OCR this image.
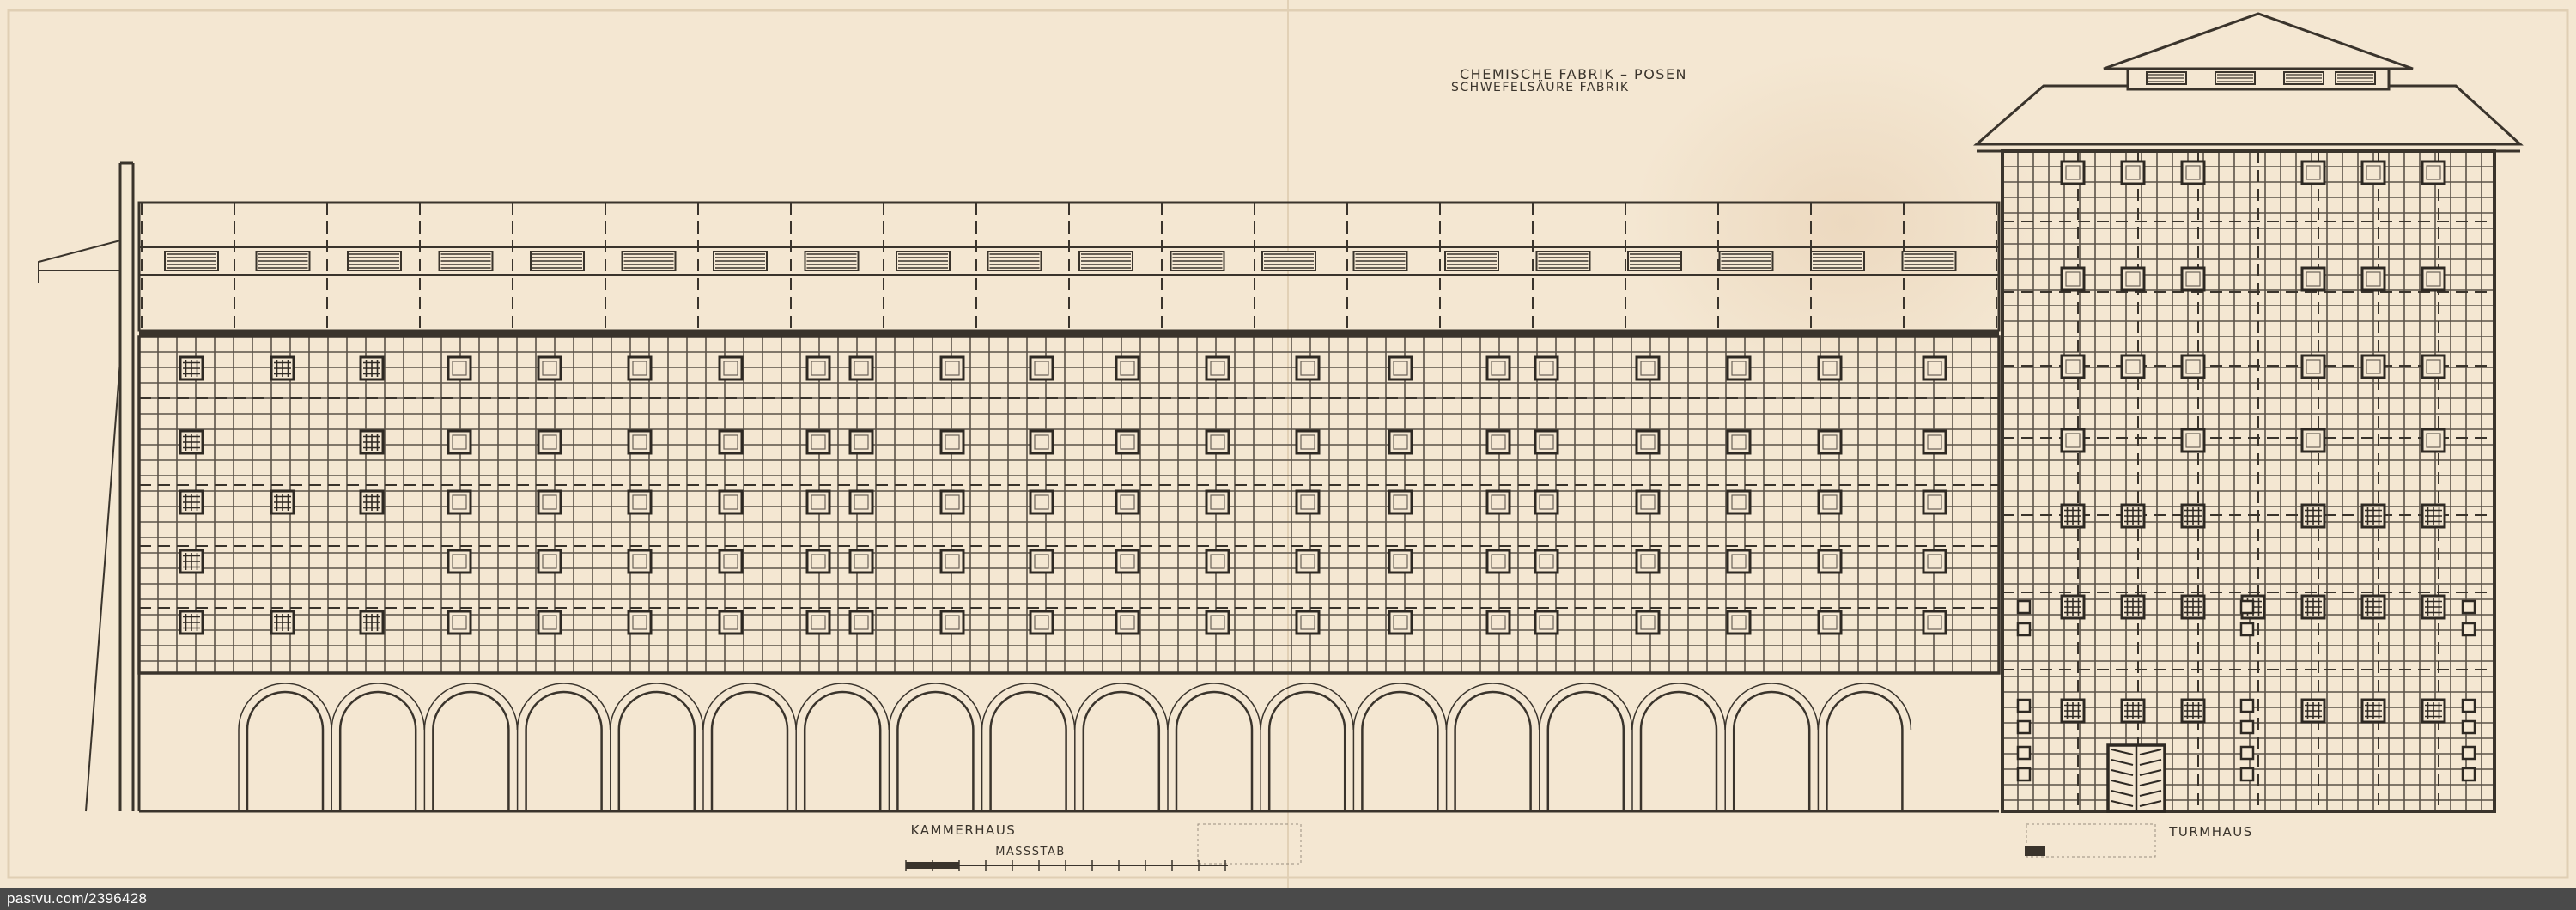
CHEMISCHE FABRIK – POSEN
SCHWEFELSÄURE FABRIK
KAMMERHAUS	TURMHAUS
MASSSTAB
pastvu.com/2396428
